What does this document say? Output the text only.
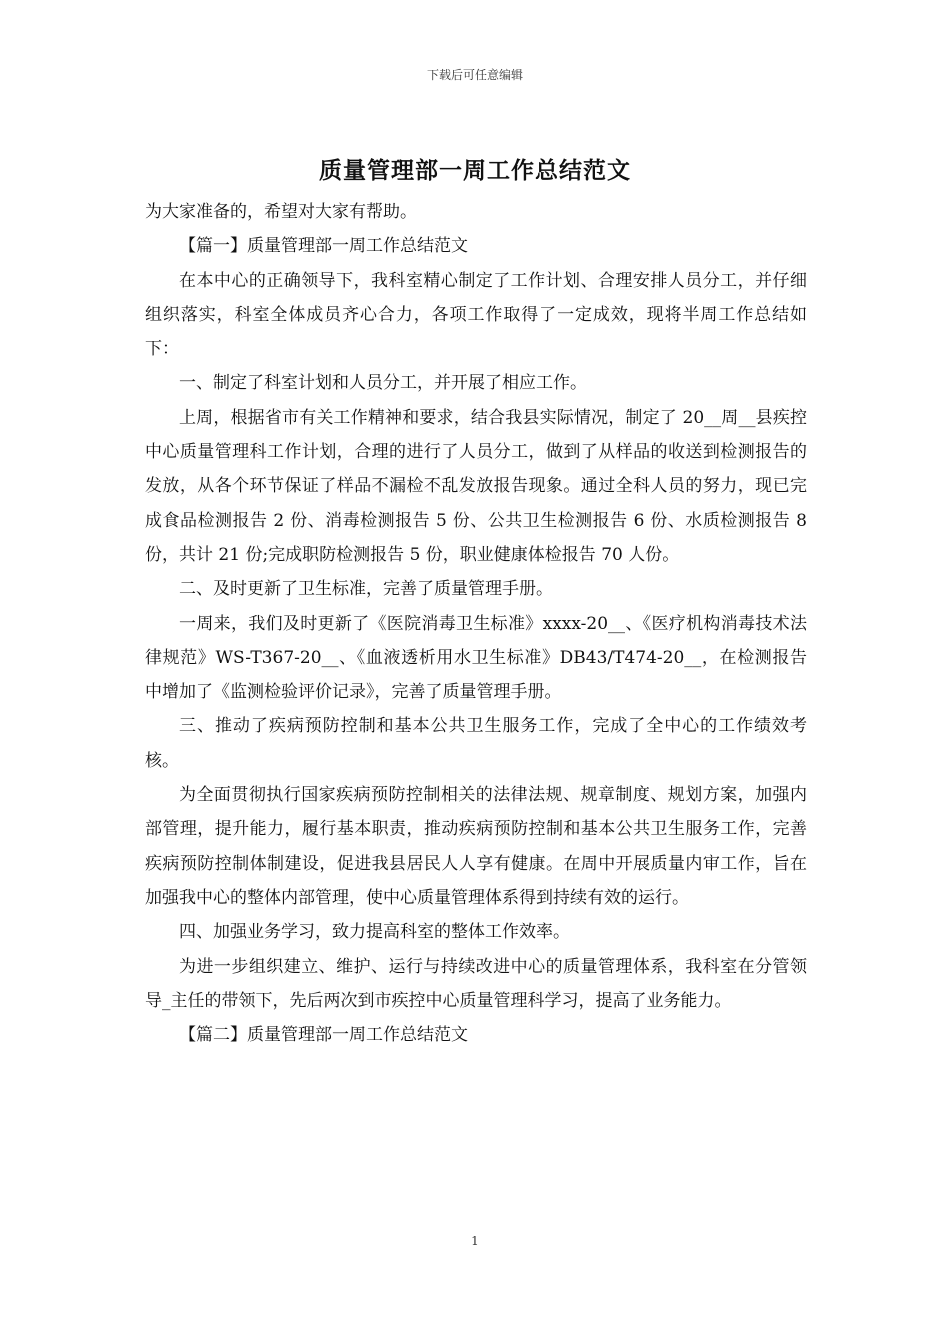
下载后可任意编辑
质量管理部一周工作总结范文

为大家准备的，希望对大家有帮助。

【篇一】质量管理部一周工作总结范文

在本中心的正确领导下，我科室精心制定了工作计划、合理安排人员分工，并仔细组织落实，科室全体成员齐心合力，各项工作取得了一定成效，现将半周工作总结如下：

一、制定了科室计划和人员分工，并开展了相应工作。

上周，根据省市有关工作精神和要求，结合我县实际情况，制定了 20__周__县疾控中心质量管理科工作计划，合理的进行了人员分工，做到了从样品的收送到检测报告的发放，从各个环节保证了样品不漏检不乱发放报告现象。通过全科人员的努力，现已完成食品检测报告 2 份、消毒检测报告 5 份、公共卫生检测报告 6 份、水质检测报告 8 份，共计 21 份;完成职防检测报告 5 份，职业健康体检报告 70 人份。

二、及时更新了卫生标准，完善了质量管理手册。

一周来，我们及时更新了《医院消毒卫生标准》xxxx-20__、《医疗机构消毒技术法律规范》WS-T367-20__、《血液透析用水卫生标准》DB43/T474-20__，在检测报告中增加了《监测检验评价记录》，完善了质量管理手册。

三、推动了疾病预防控制和基本公共卫生服务工作，完成了全中心的工作绩效考核。

为全面贯彻执行国家疾病预防控制相关的法律法规、规章制度、规划方案，加强内部管理，提升能力，履行基本职责，推动疾病预防控制和基本公共卫生服务工作，完善疾病预防控制体制建设，促进我县居民人人享有健康。在周中开展质量内审工作，旨在加强我中心的整体内部管理，使中心质量管理体系得到持续有效的运行。

四、加强业务学习，致力提高科室的整体工作效率。

为进一步组织建立、维护、运行与持续改进中心的质量管理体系，我科室在分管领导_主任的带领下，先后两次到市疾控中心质量管理科学习，提高了业务能力。

【篇二】质量管理部一周工作总结范文

1
